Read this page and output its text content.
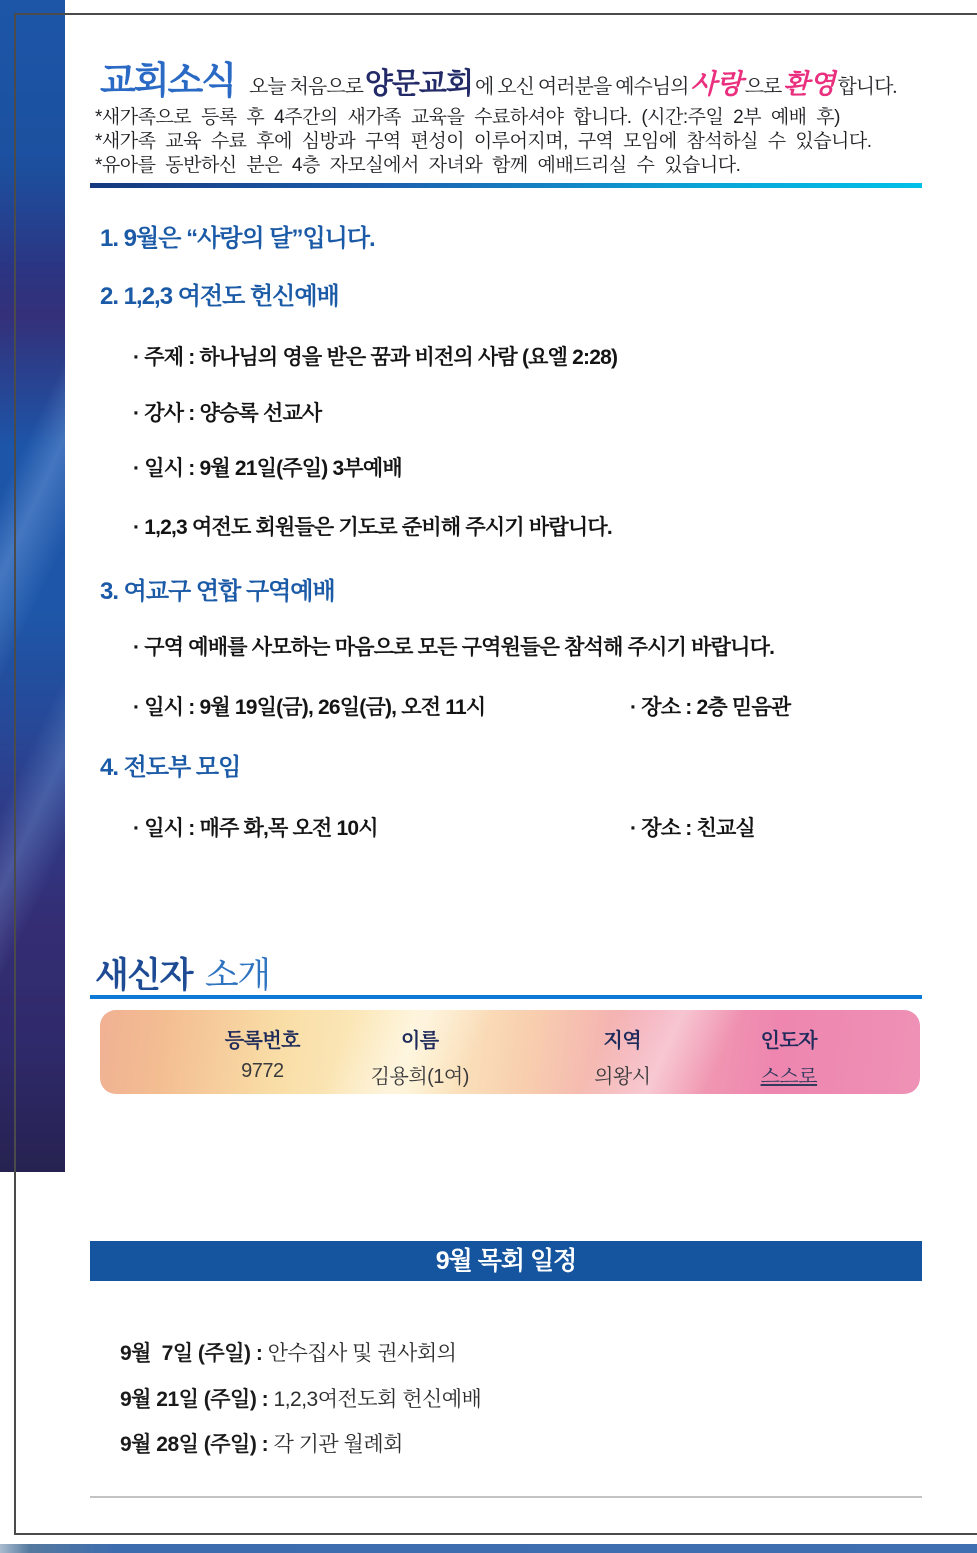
교회소식 오늘 처음으로 양문교회 에 오신 여러분을 예수님의 사랑 으로 환영 합니다.
*새가족으로 등록 후 4주간의 새가족 교육을 수료하셔야 합니다. (시간:주일 2부 예배 후)
*새가족 교육 수료 후에 심방과 구역 편성이 이루어지며, 구역 모임에 참석하실 수 있습니다.
*유아를 동반하신 분은 4층 자모실에서 자녀와 함께 예배드리실 수 있습니다.
1. 9월은 “사랑의 달”입니다.
2. 1,2,3 여전도 헌신예배
· 주제 : 하나님의 영을 받은 꿈과 비전의 사람 (요엘 2:28)
· 강사 : 양승록 선교사
· 일시 : 9월 21일(주일) 3부예배
· 1,2,3 여전도 회원들은 기도로 준비해 주시기 바랍니다.
3. 여교구 연합 구역예배
· 구역 예배를 사모하는 마음으로 모든 구역원들은 참석해 주시기 바랍니다.
· 일시 : 9월 19일(금), 26일(금), 오전 11시	· 장소 : 2층 믿음관
4. 전도부 모임
· 일시 : 매주 화,목 오전 10시	· 장소 : 친교실
새신자 소개
등록번호	이름	지역	인도자
9772	김용희(1여)	의왕시	스스로
9월 목회 일정
9월  7일 (주일) : 안수집사 및 권사회의
9월 21일 (주일) : 1,2,3여전도회 헌신예배
9월 28일 (주일) : 각 기관 월례회
